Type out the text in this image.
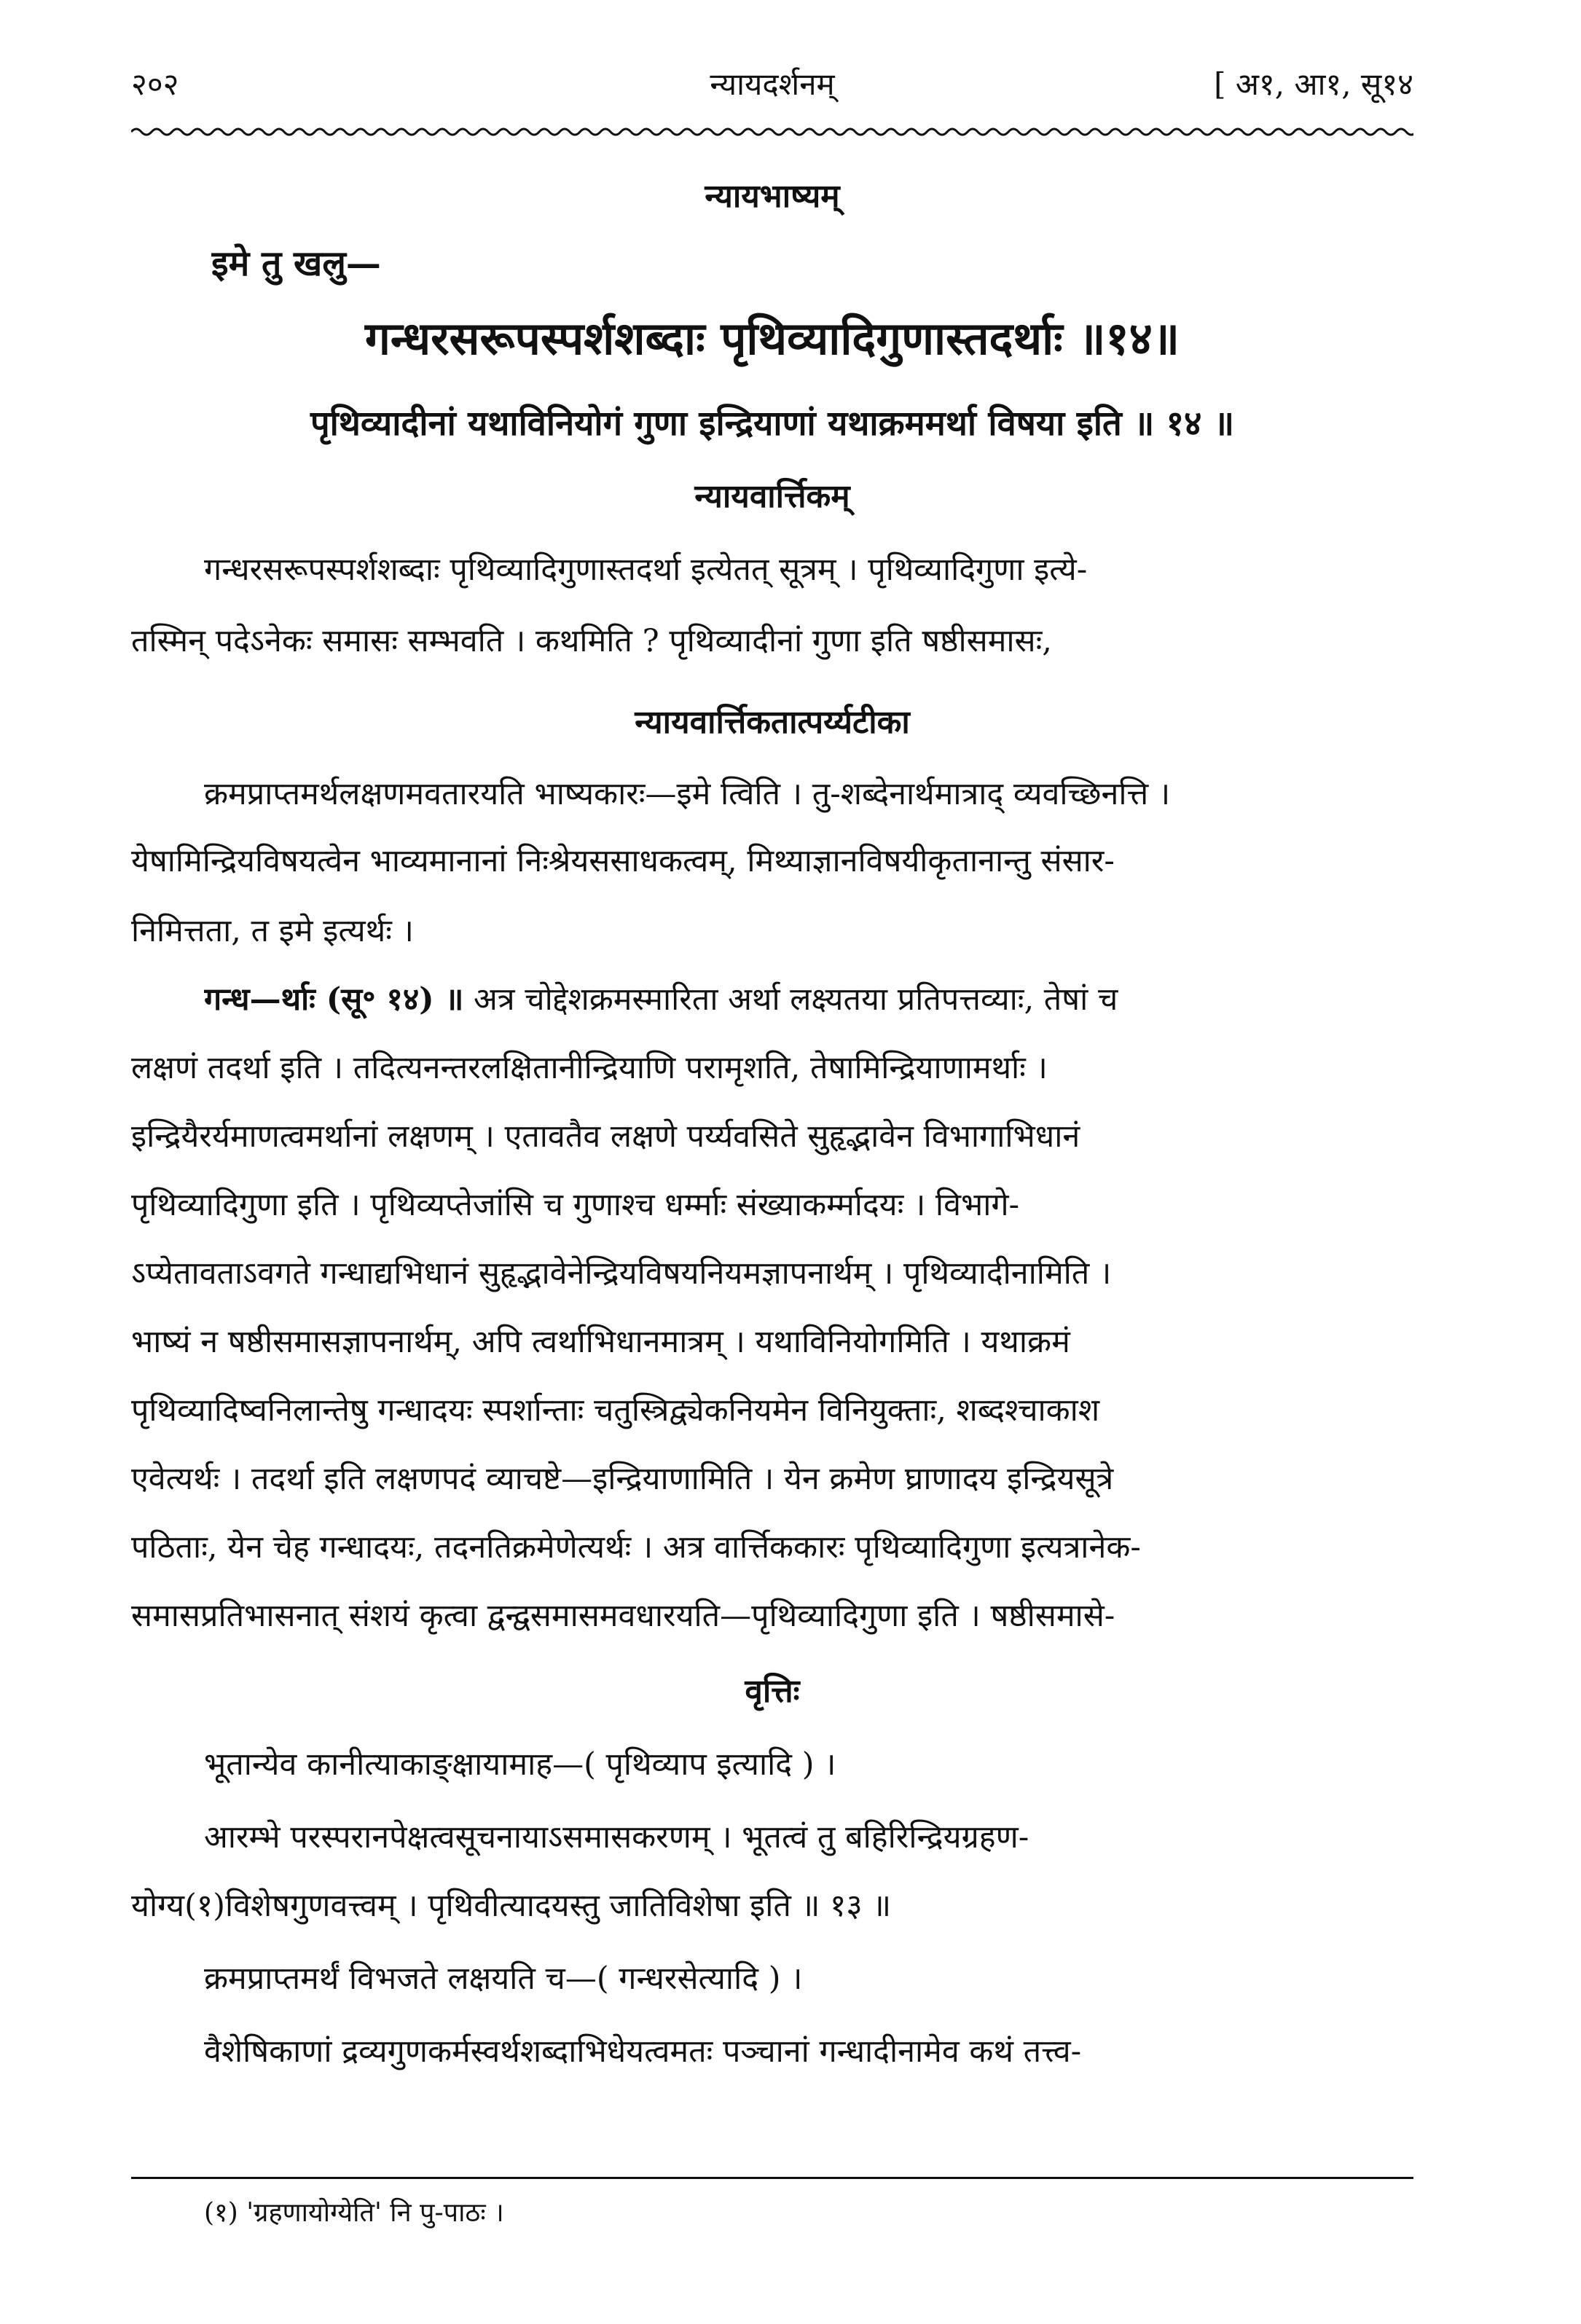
२०२	न्यायदर्शनम्	[ अ१, आ१, सू१४
न्यायभाष्यम्
इमे तु खलु—
गन्धरसरूपस्पर्शशब्दाः पृथिव्यादिगुणास्तदर्थाः ॥१४॥
पृथिव्यादीनां यथाविनियोगं गुणा इन्द्रियाणां यथाक्रममर्था विषया इति ॥ १४ ॥
न्यायवार्त्तिकम्
गन्धरसरूपस्पर्शशब्दाः पृथिव्यादिगुणास्तदर्था इत्येतत् सूत्रम् । पृथिव्यादिगुणा इत्ये-
तस्मिन् पदेऽनेकः समासः सम्भवति । कथमिति ? पृथिव्यादीनां गुणा इति षष्ठीसमासः,
न्यायवार्त्तिकतात्पर्य्यटीका
क्रमप्राप्तमर्थलक्षणमवतारयति भाष्यकारः—इमे त्विति । तु-शब्देनार्थमात्राद् व्यवच्छिनत्ति ।
येषामिन्द्रियविषयत्वेन भाव्यमानानां निःश्रेयससाधकत्वम्, मिथ्याज्ञानविषयीकृतानान्तु संसार-
निमित्तता, त इमे इत्यर्थः ।
गन्ध—र्थाः (सू॰ १४) ॥ अत्र चोद्देशक्रमस्मारिता अर्था लक्ष्यतया प्रतिपत्तव्याः, तेषां च
लक्षणं तदर्था इति । तदित्यनन्तरलक्षितानीन्द्रियाणि परामृशति, तेषामिन्द्रियाणामर्थाः ।
इन्द्रियैरर्यमाणत्वमर्थानां लक्षणम् । एतावतैव लक्षणे पर्य्यवसिते सुहृद्भावेन विभागाभिधानं
पृथिव्यादिगुणा इति । पृथिव्यप्तेजांसि च गुणाश्च धर्म्माः संख्याकर्म्मादयः । विभागे-
ऽप्येतावताऽवगते गन्धाद्यभिधानं सुहृद्भावेनेन्द्रियविषयनियमज्ञापनार्थम् । पृथिव्यादीनामिति ।
भाष्यं न षष्ठीसमासज्ञापनार्थम्, अपि त्वर्थाभिधानमात्रम् । यथाविनियोगमिति । यथाक्रमं
पृथिव्यादिष्वनिलान्तेषु गन्धादयः स्पर्शान्ताः चतुस्त्रिद्व्येकनियमेन विनियुक्ताः, शब्दश्चाकाश
एवेत्यर्थः । तदर्था इति लक्षणपदं व्याचष्टे—इन्द्रियाणामिति । येन क्रमेण घ्राणादय इन्द्रियसूत्रे
पठिताः, येन चेह गन्धादयः, तदनतिक्रमेणेत्यर्थः । अत्र वार्त्तिककारः पृथिव्यादिगुणा इत्यत्रानेक-
समासप्रतिभासनात् संशयं कृत्वा द्वन्द्वसमासमवधारयति—पृथिव्यादिगुणा इति । षष्ठीसमासे-
वृत्तिः
भूतान्येव कानीत्याकाङ्क्षायामाह—( पृथिव्याप इत्यादि ) ।
आरम्भे परस्परानपेक्षत्वसूचनायाऽसमासकरणम् । भूतत्वं तु बहिरिन्द्रियग्रहण-
योग्य(१)विशेषगुणवत्त्वम् । पृथिवीत्यादयस्तु जातिविशेषा इति ॥ १३ ॥
क्रमप्राप्तमर्थं विभजते लक्षयति च—( गन्धरसेत्यादि ) ।
वैशेषिकाणां द्रव्यगुणकर्मस्वर्थशब्दाभिधेयत्वमतः पञ्चानां गन्धादीनामेव कथं तत्त्व-
(१) 'ग्रहणायोग्येति' नि पु-पाठः ।
